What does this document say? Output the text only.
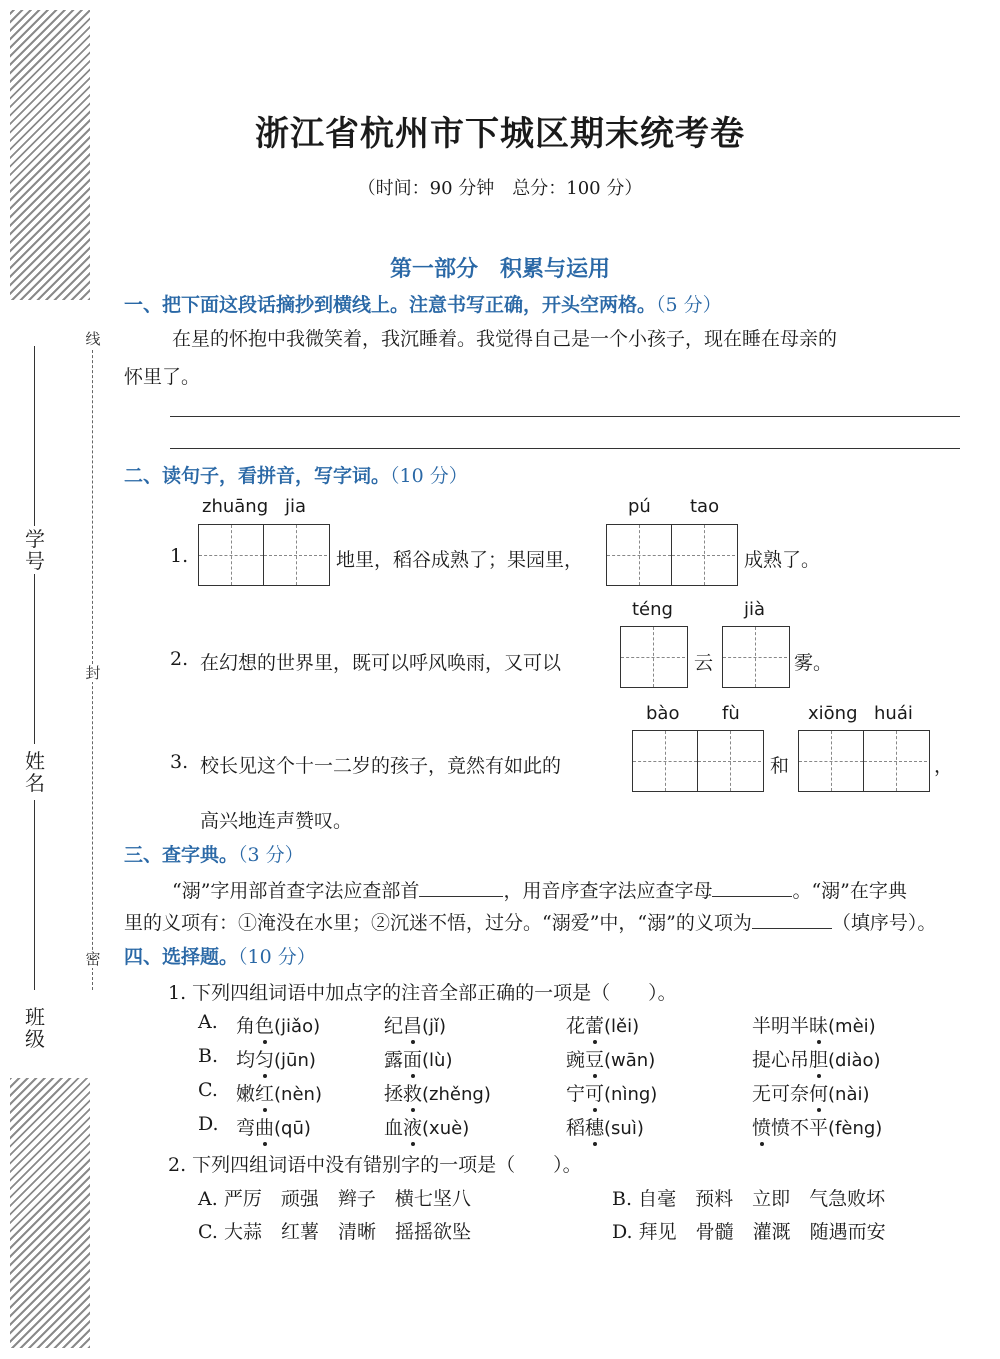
线
封
密
学号
姓名
班级
浙江省杭州市下城区期末统考卷
（时间：90 分钟　总分：100 分）
第一部分　积累与运用
一、把下面这段话摘抄到横线上。注意书写正确，开头空两格。（5 分）
在星的怀抱中我微笑着，我沉睡着。我觉得自己是一个小孩子，现在睡在母亲的
怀里了。
二、读句子，看拼音，写字词。（10 分）
1.
zhuāng jia
地里，稻谷成熟了；果园里，
pú tao
成熟了。
2. 在幻想的世界里，既可以呼风唤雨，又可以
téng
云
jià
雾。
3. 校长见这个十一二岁的孩子，竟然有如此的
bào fù
和
xiōng huái
，
高兴地连声赞叹。
三、查字典。（3 分）
“溺”字用部首查字法应查部首	，用音序查字法应查字母	。“溺”在字典
里的义项有：①淹没在水里；②沉迷不悟，过分。“溺爱”中，“溺”的义项为	（填序号）。
四、选择题。（10 分）
1. 下列四组词语中加点字的注音全部正确的一项是（　　）。
A. 角色(jiǎo)	纪昌(jǐ)	花蕾(lěi)	半明半昧(mèi)
B. 均匀(jūn)	露面(lù)	豌豆(wān)	提心吊胆(diào)
C. 嫩红(nèn)	拯救(zhěng)	宁可(nìng)	无可奈何(nài)
D. 弯曲(qū)	血液(xuè)	稻穗(suì)	愤愤不平(fèng)
2. 下列四组词语中没有错别字的一项是（　　）。
A. 严厉　顽强　辫子　横七坚八	B. 自毫　预料　立即　气急败坏
C. 大蒜　红薯　清晰　摇摇欲坠	D. 拜见　骨髓　灌溉　随遇而安
